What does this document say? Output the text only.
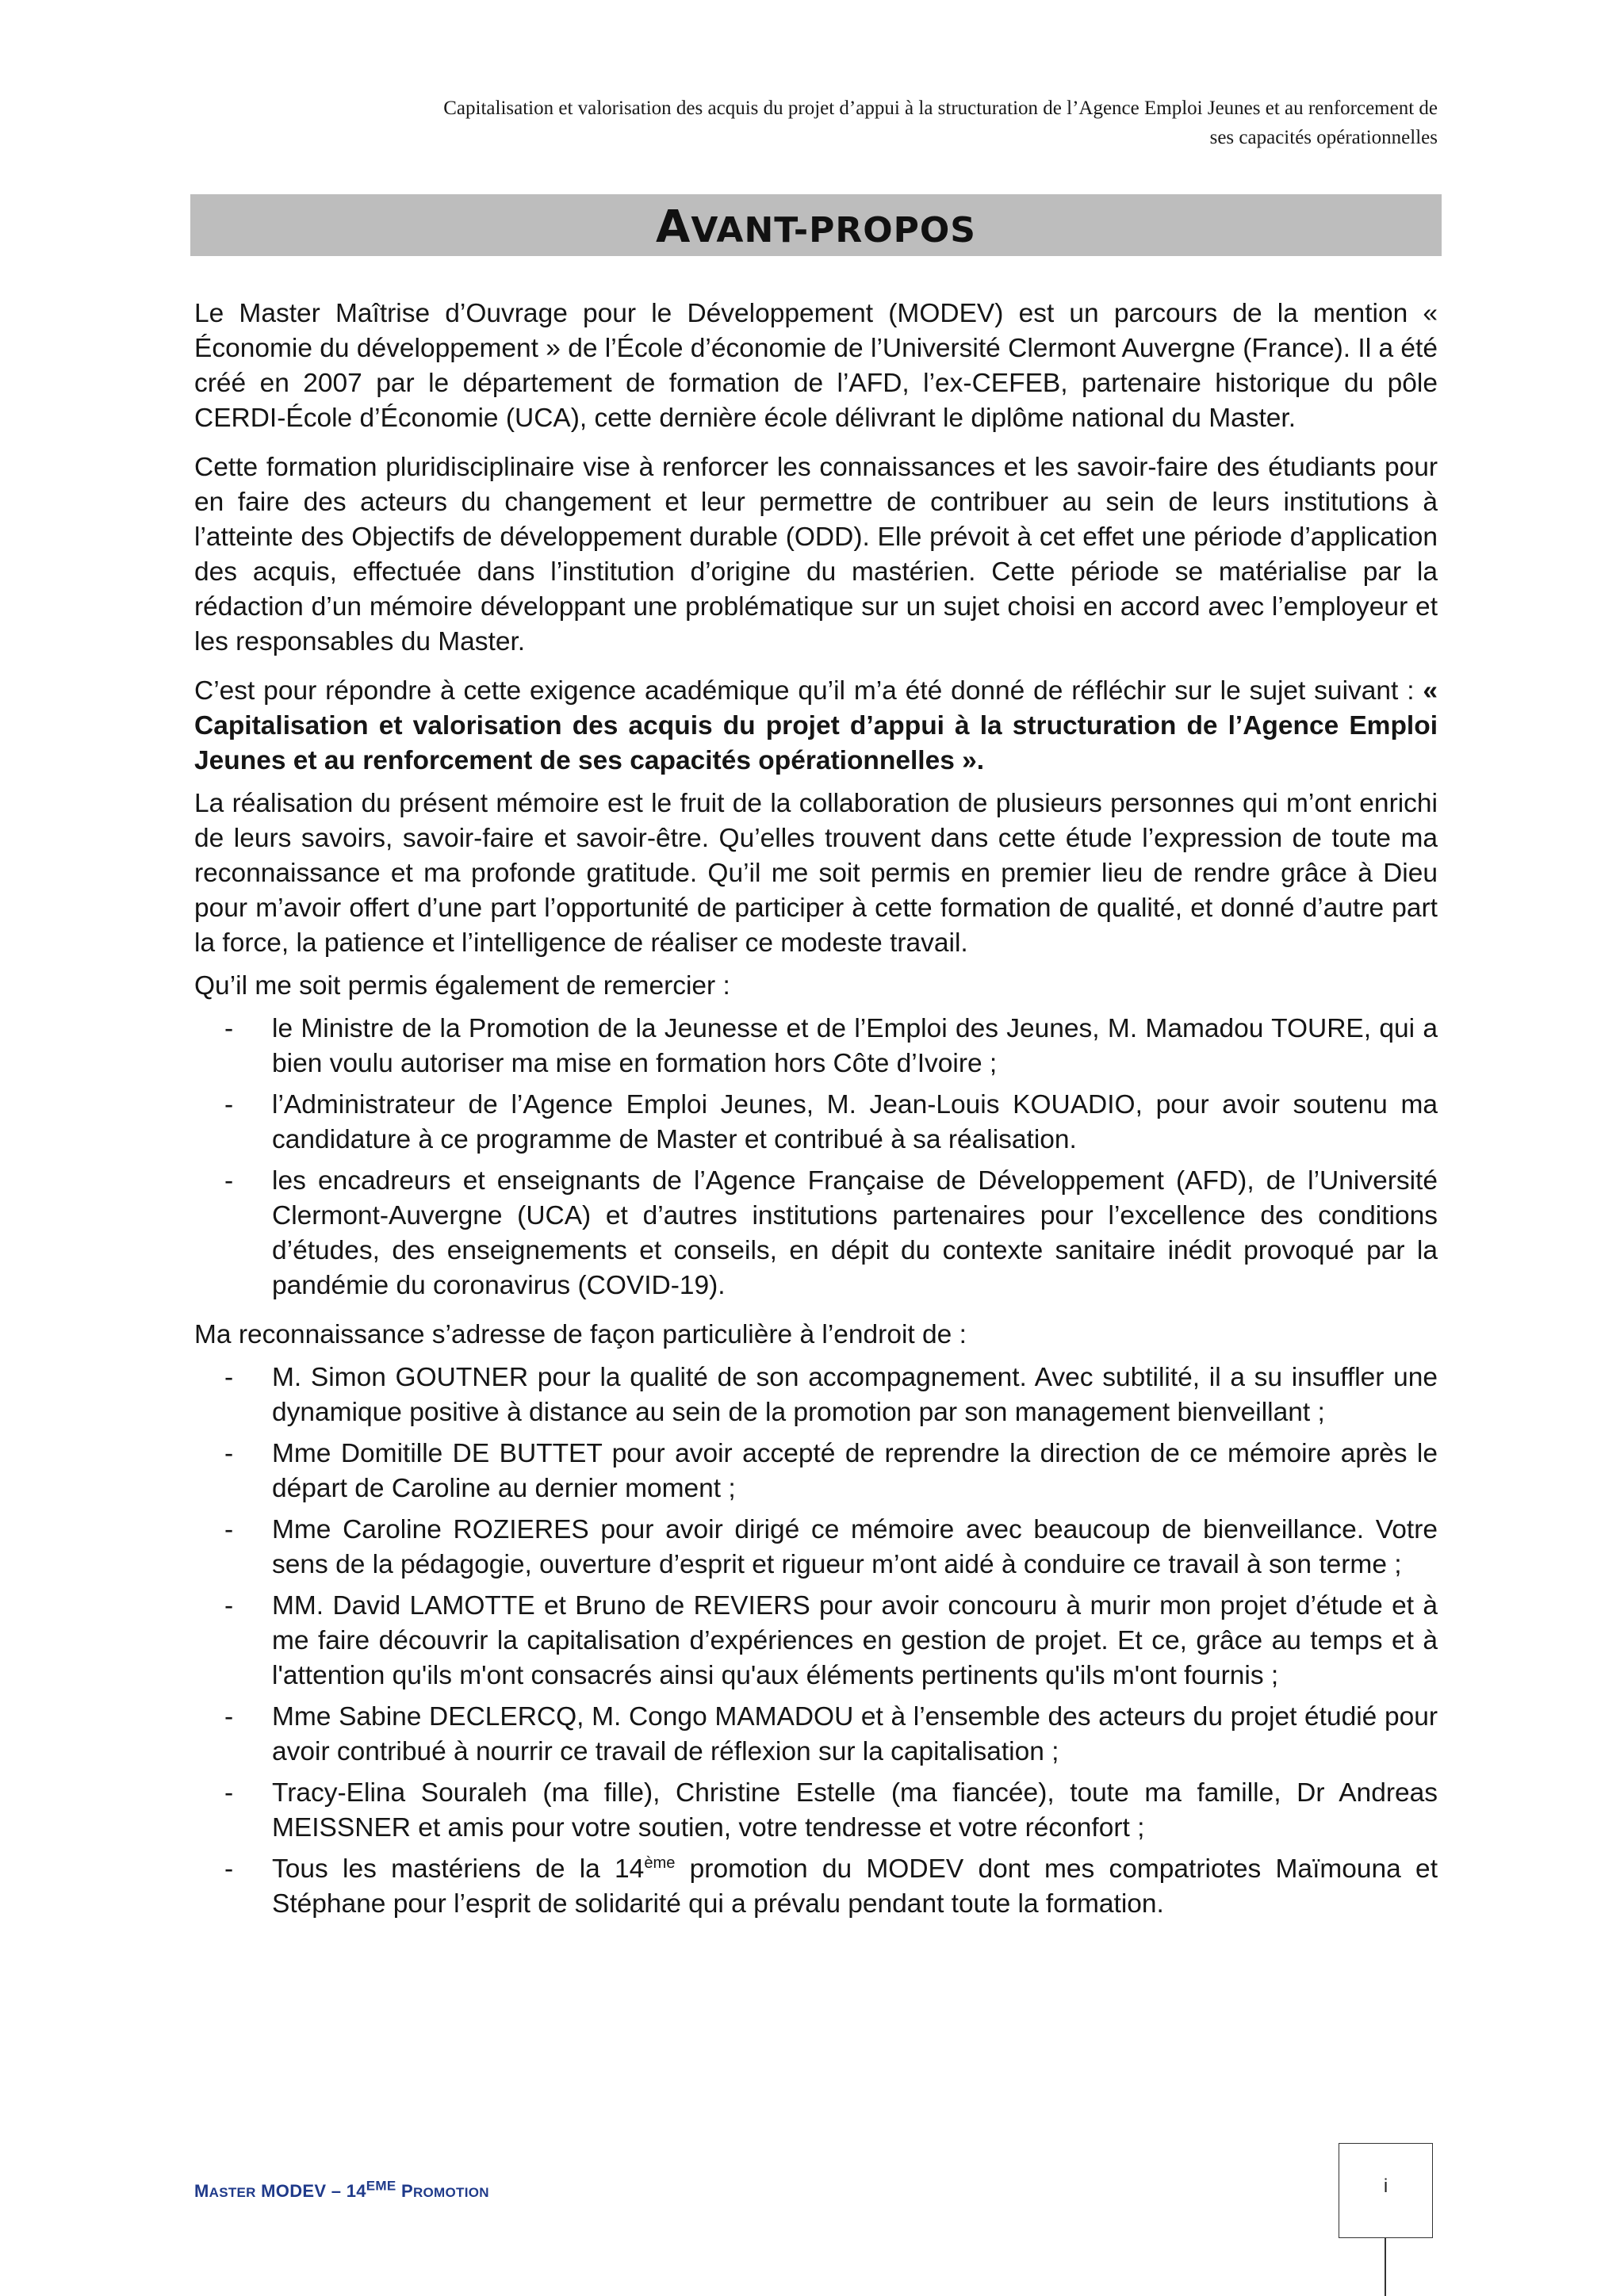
Capitalisation et valorisation des acquis du projet d’appui à la structuration de l’Agence Emploi Jeunes et au renforcement de
ses capacités opérationnelles
AVANT-PROPOS

Le Master Maîtrise d’Ouvrage pour le Développement (MODEV) est un parcours de la mention « Économie du développement » de l’École d’économie de l’Université Clermont Auvergne (France). Il a été créé en 2007 par le département de formation de l’AFD, l’ex-CEFEB, partenaire historique du pôle CERDI-École d’Économie (UCA), cette dernière école délivrant le diplôme national du Master.

Cette formation pluridisciplinaire vise à renforcer les connaissances et les savoir-faire des étudiants pour en faire des acteurs du changement et leur permettre de contribuer au sein de leurs institutions à l’atteinte des Objectifs de développement durable (ODD). Elle prévoit à cet effet une période d’application des acquis, effectuée dans l’institution d’origine du mastérien. Cette période se matérialise par la rédaction d’un mémoire développant une problématique sur un sujet choisi en accord avec l’employeur et les responsables du Master.

C’est pour répondre à cette exigence académique qu’il m’a été donné de réfléchir sur le sujet suivant : « Capitalisation et valorisation des acquis du projet d’appui à la structuration de l’Agence Emploi Jeunes et au renforcement de ses capacités opérationnelles ».

La réalisation du présent mémoire est le fruit de la collaboration de plusieurs personnes qui m’ont enrichi de leurs savoirs, savoir-faire et savoir-être. Qu’elles trouvent dans cette étude l’expression de toute ma reconnaissance et ma profonde gratitude. Qu’il me soit permis en premier lieu de rendre grâce à Dieu pour m’avoir offert d’une part l’opportunité de participer à cette formation de qualité, et donné d’autre part la force, la patience et l’intelligence de réaliser ce modeste travail.

Qu’il me soit permis également de remercier :

- le Ministre de la Promotion de la Jeunesse et de l’Emploi des Jeunes, M. Mamadou TOURE, qui a bien voulu autoriser ma mise en formation hors Côte d’Ivoire ;
- l’Administrateur de l’Agence Emploi Jeunes, M. Jean-Louis KOUADIO, pour avoir soutenu ma candidature à ce programme de Master et contribué à sa réalisation.
- les encadreurs et enseignants de l’Agence Française de Développement (AFD), de l’Université Clermont-Auvergne (UCA) et d’autres institutions partenaires pour l’excellence des conditions d’études, des enseignements et conseils, en dépit du contexte sanitaire inédit provoqué par la pandémie du coronavirus (COVID-19).

Ma reconnaissance s’adresse de façon particulière à l’endroit de :

- M. Simon GOUTNER pour la qualité de son accompagnement. Avec subtilité, il a su insuffler une dynamique positive à distance au sein de la promotion par son management bienveillant ;
- Mme Domitille DE BUTTET pour avoir accepté de reprendre la direction de ce mémoire après le départ de Caroline au dernier moment ;
- Mme Caroline ROZIERES pour avoir dirigé ce mémoire avec beaucoup de bienveillance. Votre sens de la pédagogie, ouverture d’esprit et rigueur m’ont aidé à conduire ce travail à son terme ;
- MM. David LAMOTTE et Bruno de REVIERS pour avoir concouru à murir mon projet d’étude et à me faire découvrir la capitalisation d’expériences en gestion de projet. Et ce, grâce au temps et à l'attention qu'ils m'ont consacrés ainsi qu'aux éléments pertinents qu'ils m'ont fournis ;
- Mme Sabine DECLERCQ, M. Congo MAMADOU et à l’ensemble des acteurs du projet étudié pour avoir contribué à nourrir ce travail de réflexion sur la capitalisation ;
- Tracy-Elina Souraleh (ma fille), Christine Estelle (ma fiancée), toute ma famille, Dr Andreas MEISSNER et amis pour votre soutien, votre tendresse et votre réconfort ;
- Tous les mastériens de la 14ème promotion du MODEV dont mes compatriotes Maïmouna et Stéphane pour l’esprit de solidarité qui a prévalu pendant toute la formation.
MASTER MODEV – 14EME PROMOTION	i
